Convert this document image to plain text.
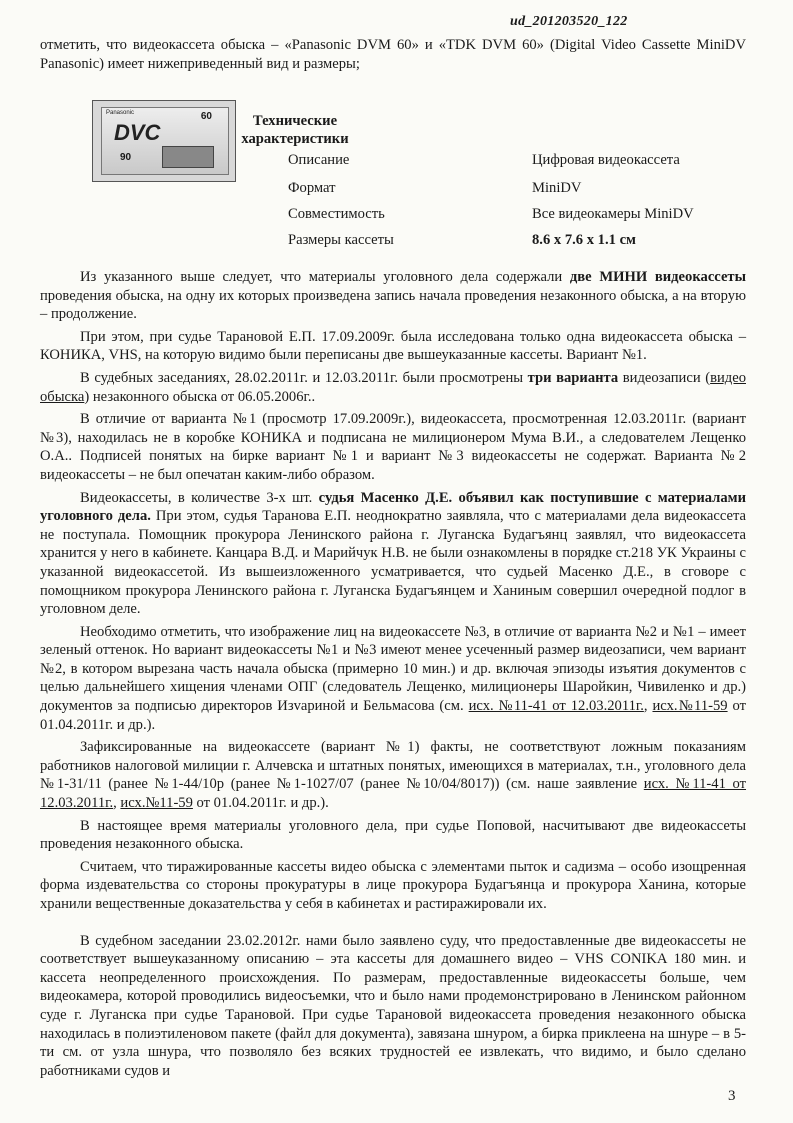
ud_201203520_122

отметить, что видеокассета обыска – «Panasonic DVM 60» и «TDK DVM 60» (Digital Video Cassette MiniDV Panasonic) имеет нижеприведенный вид и размеры;

Panasonic
DVC
60
90
Технические характеристики
Описание	Цифровая видеокассета
Формат	MiniDV
Совместимость	Все видеокамеры MiniDV
Размеры кассеты	8.6 x 7.6 x 1.1 см

Из указанного выше следует, что материалы уголовного дела содержали две МИНИ видеокассеты проведения обыска, на одну их которых произведена запись начала проведения незаконного обыска, а на вторую – продолжение.

При этом, при судье Тарановой Е.П. 17.09.2009г. была исследована только одна видеокассета обыска – КОНИКА, VHS, на которую видимо были переписаны две вышеуказанные кассеты. Вариант №1.

В судебных заседаниях, 28.02.2011г. и 12.03.2011г. были просмотрены три варианта видеозаписи (видео обыска) незаконного обыска от 06.05.2006г..

В отличие от варианта №1 (просмотр 17.09.2009г.), видеокассета, просмотренная 12.03.2011г. (вариант №3), находилась не в коробке КОНИКА и подписана не милиционером Мума В.И., а следователем Лещенко О.А.. Подписей понятых на бирке вариант №1 и вариант №3 видеокассеты не содержат. Варианта №2 видеокассеты – не был опечатан каким-либо образом.

Видеокассеты, в количестве 3-х шт. судья Масенко Д.Е. объявил как поступившие с материалами уголовного дела. При этом, судья Таранова Е.П. неоднократно заявляла, что с материалами дела видеокассета не поступала. Помощник прокурора Ленинского района г. Луганска Будагъянц заявлял, что видеокассета хранится у него в кабинете. Канцара В.Д. и Марийчук Н.В. не были ознакомлены в порядке ст.218 УК Украины с указанной видеокассетой. Из вышеизложенного усматривается, что судьей Масенко Д.Е., в сговоре с помощником прокурора Ленинского района г. Луганска Будагъянцем и Ханиным совершил очередной подлог в уголовном деле.

Необходимо отметить, что изображение лиц на видеокассете №3, в отличие от варианта №2 и №1 – имеет зеленый оттенок. Но вариант видеокассеты №1 и №3 имеют менее усеченный размер видеозаписи, чем вариант №2, в котором вырезана часть начала обыска (примерно 10 мин.) и др. включая эпизоды изъятия документов с целью дальнейшего хищения членами ОПГ (следователь Лещенко, милиционеры Шаройкин, Чивиленко и др.) документов за подписью директоров Изvариной и Бельмасова (см. исх. №11-41 от 12.03.2011г., исх.№11-59 от 01.04.2011г. и др.).

Зафиксированные на видеокассете (вариант №1) факты, не соответствуют ложным показаниям работников налоговой милиции г. Алчевска и штатных понятых, имеющихся в материалах, т.н., уголовного дела №1-31/11 (ранее №1-44/10р (ранее №1-1027/07 (ранее №10/04/8017)) (см. наше заявление исх. №11-41 от 12.03.2011г., исх.№11-59 от 01.04.2011г. и др.).

В настоящее время материалы уголовного дела, при судье Поповой, насчитывают две видеокассеты проведения незаконного обыска.

Считаем, что тиражированные кассеты видео обыска с элементами пыток и садизма – особо изощренная форма издевательства со стороны прокуратуры в лице прокурора Будагъянца и прокурора Ханина, которые хранили вещественные доказательства у себя в кабинетах и растиражировали их.

В судебном заседании 23.02.2012г. нами было заявлено суду, что предоставленные две видеокассеты не соответствует вышеуказанному описанию – эта кассеты для домашнего видео – VHS CONIKA 180 мин. и кассета неопределенного происхождения. По размерам, предоставленные видеокассеты больше, чем видеокамера, которой проводились видеосъемки, что и было нами продемонстрировано в Ленинском районном суде г. Луганска при судье Тарановой. При судье Тарановой видеокассета проведения незаконного обыска находилась в полиэтиленовом пакете (файл для документа), завязана шнуром, а бирка приклеена на шнуре – в 5-ти см. от узла шнура, что позволяло без всяких трудностей ее извлекать, что видимо, и было сделано работниками судов и

3
